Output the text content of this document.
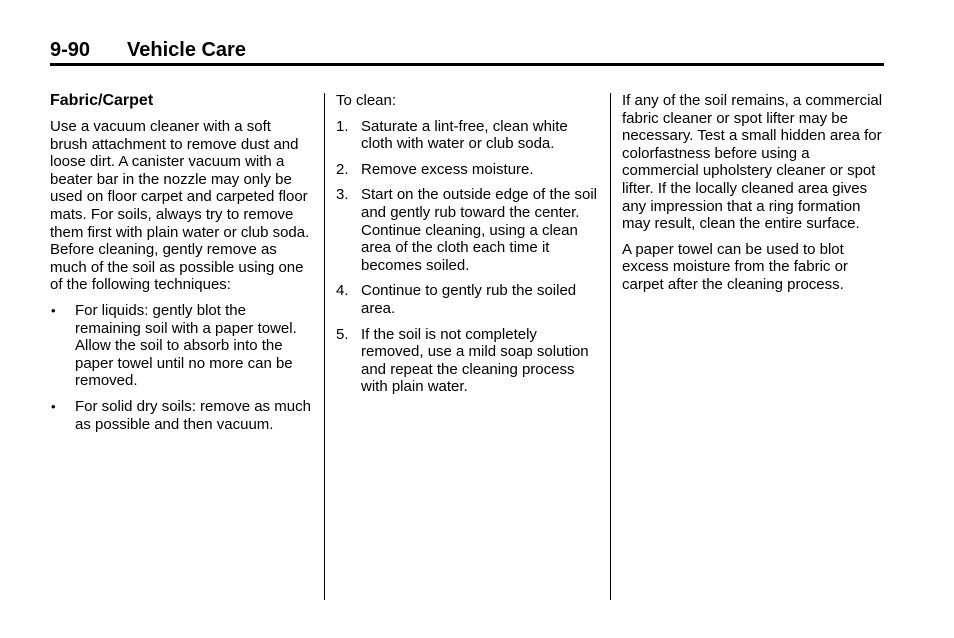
9-90 Vehicle Care
Fabric/Carpet

Use a vacuum cleaner with a soft brush attachment to remove dust and loose dirt. A canister vacuum with a beater bar in the nozzle may only be used on floor carpet and carpeted floor mats. For soils, always try to remove them first with plain water or club soda. Before cleaning, gently remove as much of the soil as possible using one of the following techniques:

• For liquids: gently blot the remaining soil with a paper towel. Allow the soil to absorb into the paper towel until no more can be removed.
• For solid dry soils: remove as much as possible and then vacuum.

To clean:

1. Saturate a lint-free, clean white cloth with water or club soda.
2. Remove excess moisture.
3. Start on the outside edge of the soil and gently rub toward the center. Continue cleaning, using a clean area of the cloth each time it becomes soiled.
4. Continue to gently rub the soiled area.
5. If the soil is not completely removed, use a mild soap solution and repeat the cleaning process with plain water.

If any of the soil remains, a commercial fabric cleaner or spot lifter may be necessary. Test a small hidden area for colorfastness before using a commercial upholstery cleaner or spot lifter. If the locally cleaned area gives any impression that a ring formation may result, clean the entire surface.

A paper towel can be used to blot excess moisture from the fabric or carpet after the cleaning process.
